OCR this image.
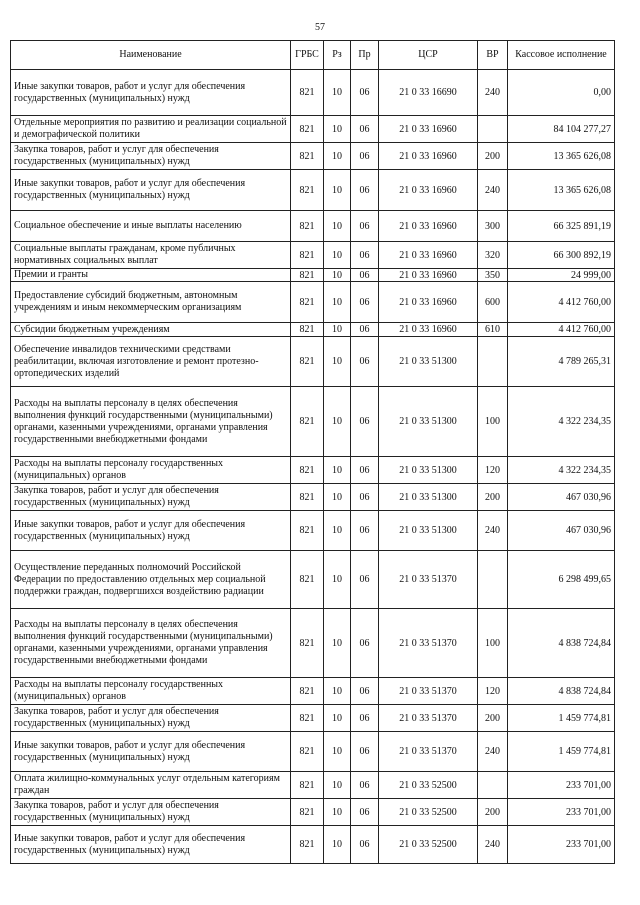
57
Наименование	ГРБС	Рз	Пр	ЦСР	ВР	Кассовое исполнение
Иные закупки товаров, работ и услуг для обеспечения государственных (муниципальных) нужд	821	10	06	21 0 33 16690	240	0,00
Отдельные мероприятия по развитию и реализации социальной и демографической политики	821	10	06	21 0 33 16960		84 104 277,27
Закупка товаров, работ и услуг для обеспечения государственных (муниципальных) нужд	821	10	06	21 0 33 16960	200	13 365 626,08
Иные закупки товаров, работ и услуг для обеспечения государственных (муниципальных) нужд	821	10	06	21 0 33 16960	240	13 365 626,08
Социальное обеспечение и иные выплаты населению	821	10	06	21 0 33 16960	300	66 325 891,19
Социальные выплаты гражданам, кроме публичных нормативных социальных выплат	821	10	06	21 0 33 16960	320	66 300 892,19
Премии и гранты	821	10	06	21 0 33 16960	350	24 999,00
Предоставление субсидий бюджетным, автономным учреждениям и иным некоммерческим организациям	821	10	06	21 0 33 16960	600	4 412 760,00
Субсидии бюджетным учреждениям	821	10	06	21 0 33 16960	610	4 412 760,00
Обеспечение инвалидов техническими средствами реабилитации, включая изготовление и ремонт протезно-ортопедических изделий	821	10	06	21 0 33 51300		4 789 265,31
Расходы на выплаты персоналу в целях обеспечения выполнения функций государственными (муниципальными) органами, казенными учреждениями, органами управления государственными внебюджетными фондами	821	10	06	21 0 33 51300	100	4 322 234,35
Расходы на выплаты персоналу государственных (муниципальных) органов	821	10	06	21 0 33 51300	120	4 322 234,35
Закупка товаров, работ и услуг для обеспечения государственных (муниципальных) нужд	821	10	06	21 0 33 51300	200	467 030,96
Иные закупки товаров, работ и услуг для обеспечения государственных (муниципальных) нужд	821	10	06	21 0 33 51300	240	467 030,96
Осуществление переданных полномочий Российской Федерации по предоставлению отдельных мер социальной поддержки граждан, подвергшихся воздействию радиации	821	10	06	21 0 33 51370		6 298 499,65
Расходы на выплаты персоналу в целях обеспечения выполнения функций государственными (муниципальными) органами, казенными учреждениями, органами управления государственными внебюджетными фондами	821	10	06	21 0 33 51370	100	4 838 724,84
Расходы на выплаты персоналу государственных (муниципальных) органов	821	10	06	21 0 33 51370	120	4 838 724,84
Закупка товаров, работ и услуг для обеспечения государственных (муниципальных) нужд	821	10	06	21 0 33 51370	200	1 459 774,81
Иные закупки товаров, работ и услуг для обеспечения государственных (муниципальных) нужд	821	10	06	21 0 33 51370	240	1 459 774,81
Оплата жилищно-коммунальных услуг отдельным категориям граждан	821	10	06	21 0 33 52500		233 701,00
Закупка товаров, работ и услуг для обеспечения государственных (муниципальных) нужд	821	10	06	21 0 33 52500	200	233 701,00
Иные закупки товаров, работ и услуг для обеспечения государственных (муниципальных) нужд	821	10	06	21 0 33 52500	240	233 701,00
